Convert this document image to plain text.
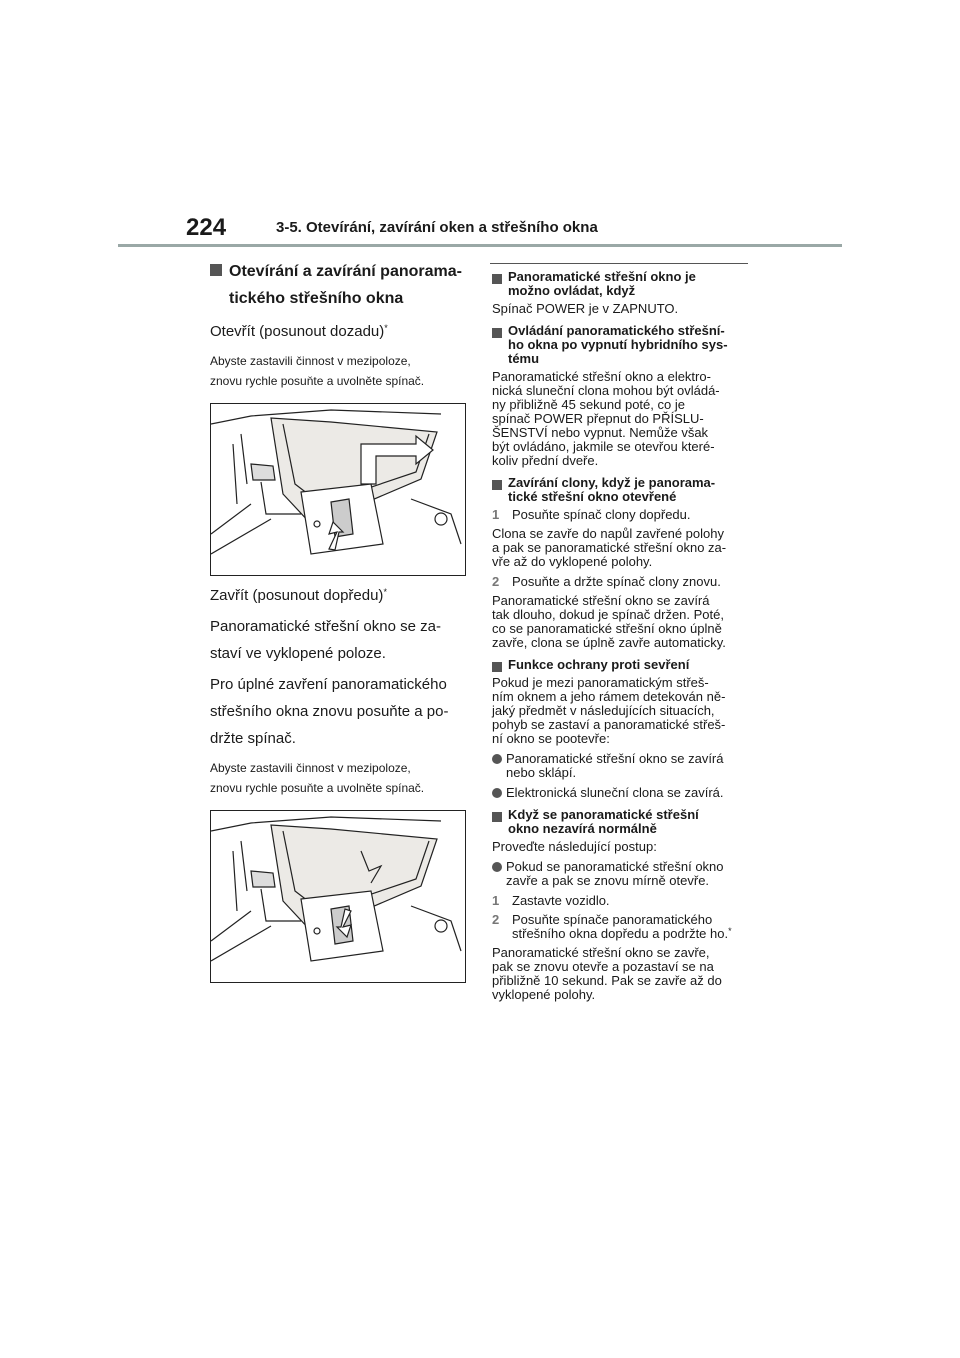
224	3-5. Otevírání, zavírání oken a střešního okna
Otevírání a zavírání panorama-
tického střešního okna

Otevřít (posunout dozadu)*

Abyste zastavili činnost v mezipoloze,
znovu rychle posuňte a uvolněte spínač.

Zavřít (posunout dopředu)*

Panoramatické střešní okno se za-
staví ve vyklopené poloze.

Pro úplné zavření panoramatického
střešního okna znovu posuňte a po-
držte spínač.

Abyste zastavili činnost v mezipoloze,
znovu rychle posuňte a uvolněte spínač.

Panoramatické střešní okno je
možno ovládat, když

Spínač POWER je v ZAPNUTO.

Ovládání panoramatického střešní-
ho okna po vypnutí hybridního sys-
tému

Panoramatické střešní okno a elektro-
nická sluneční clona mohou být ovládá-
ny přibližně 45 sekund poté, co je
spínač POWER přepnut do PŘÍSLU-
ŠENSTVÍ nebo vypnut. Nemůže však
být ovládáno, jakmile se otevřou které-
koliv přední dveře.

Zavírání clony, když je panorama-
tické střešní okno otevřené
1 Posuňte spínač clony dopředu.

Clona se zavře do napůl zavřené polohy
a pak se panoramatické střešní okno za-
vře až do vyklopené polohy.

2 Posuňte a držte spínač clony znovu.

Panoramatické střešní okno se zavírá
tak dlouho, dokud je spínač držen. Poté,
co se panoramatické střešní okno úplně
zavře, clona se úplně zavře automaticky.

Funkce ochrany proti sevření

Pokud je mezi panoramatickým střeš-
ním oknem a jeho rámem detekován ně-
jaký předmět v následujících situacích,
pohyb se zastaví a panoramatické střeš-
ní okno se pootevře:

Panoramatické střešní okno se zavírá
nebo sklápí.
Elektronická sluneční clona se zavírá.
Když se panoramatické střešní
okno nezavírá normálně

Proveďte následující postup:

Pokud se panoramatické střešní okno
zavře a pak se znovu mírně otevře.
1 Zastavte vozidlo.
2 Posuňte spínače panoramatického
střešního okna dopředu a podržte ho.*

Panoramatické střešní okno se zavře,
pak se znovu otevře a pozastaví se na
přibližně 10 sekund. Pak se zavře až do
vyklopené polohy.
